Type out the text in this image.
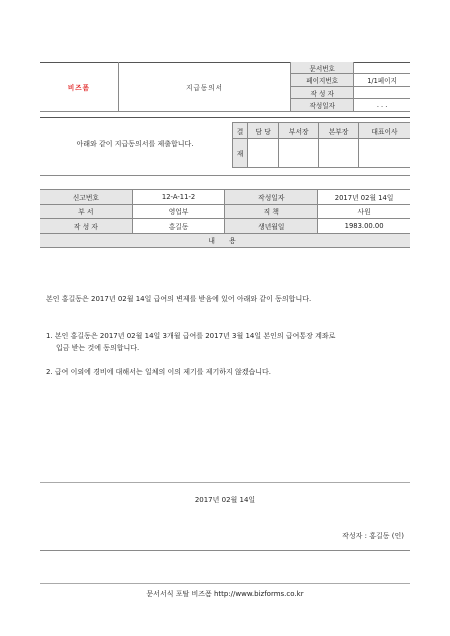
비즈폼	지급동의서	문서번호	
		페이지번호	1/1페이지
		작 성 자	
		작성일자	. . .
아래와 같이 지급동의서를 제출합니다.
결	담 당	부서장	본부장	대표이사
재				
신고번호	12-A-11-2	작성일자	2017년 02월 14일
부 서	영업부	직 책	사원
작 성 자	홍길동	생년월일	1983.00.00
내 용			
본인 홍길동은 2017년 02월 14일 급여의 변제를 받음에 있어 아래와 같이 동의합니다.
1. 본인 홍길동은 2017년 02월 14일 3개월 급여를 2017년 3월 14일 본인의 급여통장 계좌로
입금 받는 것에 동의합니다.
2. 급여 이외에 경비에 대해서는 일체의 이의 제기를 제기하지 않겠습니다.
2017년 02월 14일
작성자 : 홍길동 (인)
문서서식 포탈 비즈폼 http://www.bizforms.co.kr
